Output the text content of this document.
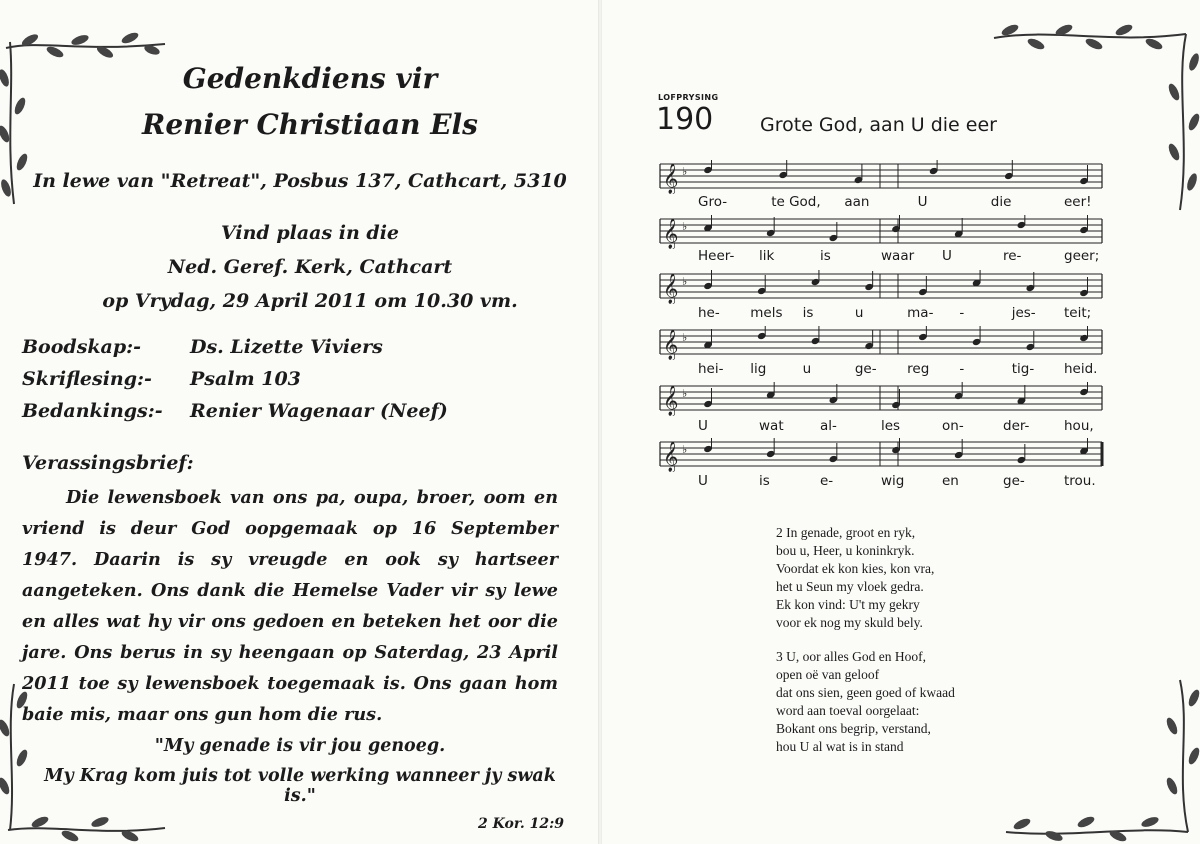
Gedenkdiens vir
Renier Christiaan Els
In lewe van "Retreat", Posbus 137, Cathcart, 5310
Vind plaas in die
Ned. Geref. Kerk, Cathcart
op Vrydag, 29 April 2011 om 10.30 vm.
Boodskap:-	Ds. Lizette Viviers
Skriflesing:- Psalm 103
Bedankings:- Renier Wagenaar (Neef)
Verassingsbrief:
Die lewensboek van ons pa, oupa, broer, oom en vriend is deur God oopgemaak op 16 September 1947. Daarin is sy vreugde en ook sy hartseer aangeteken. Ons dank die Hemelse Vader vir sy lewe en alles wat hy vir ons gedoen en beteken het oor die jare. Ons berus in sy heengaan op Saterdag, 23 April 2011 toe sy lewensboek toegemaak is. Ons gaan hom baie mis, maar ons gun hom die rus.
"My genade is vir jou genoeg.
My Krag kom juis tot volle werking wanneer jy swak is."
2 Kor. 12:9
LOFPRYSING
190 Grote God, aan U die eer
𝄞 ♭
Gro-	te God, aan	U	die	eer!
𝄞 ♭
Heer- lik	is	waar U	re-	geer;
𝄞 ♭
he- mels is	u	ma- -	jes- teit;
𝄞 ♭
hei- lig	u	ge- reg -	tig- heid.
𝄞 ♭
U	wat	al-	les	on-	der-	hou,
𝄞 ♭
U	is	e-	wig	en	ge-	trou.
2 In genade, groot en ryk,
bou u, Heer, u koninkryk.
Voordat ek kon kies, kon vra,
het u Seun my vloek gedra.
Ek kon vind: U't my gekry
voor ek nog my skuld bely.
3 U, oor alles God en Hoof,
open oë van geloof
dat ons sien, geen goed of kwaad
word aan toeval oorgelaat:
Bokant ons begrip, verstand,
hou U al wat is in stand
